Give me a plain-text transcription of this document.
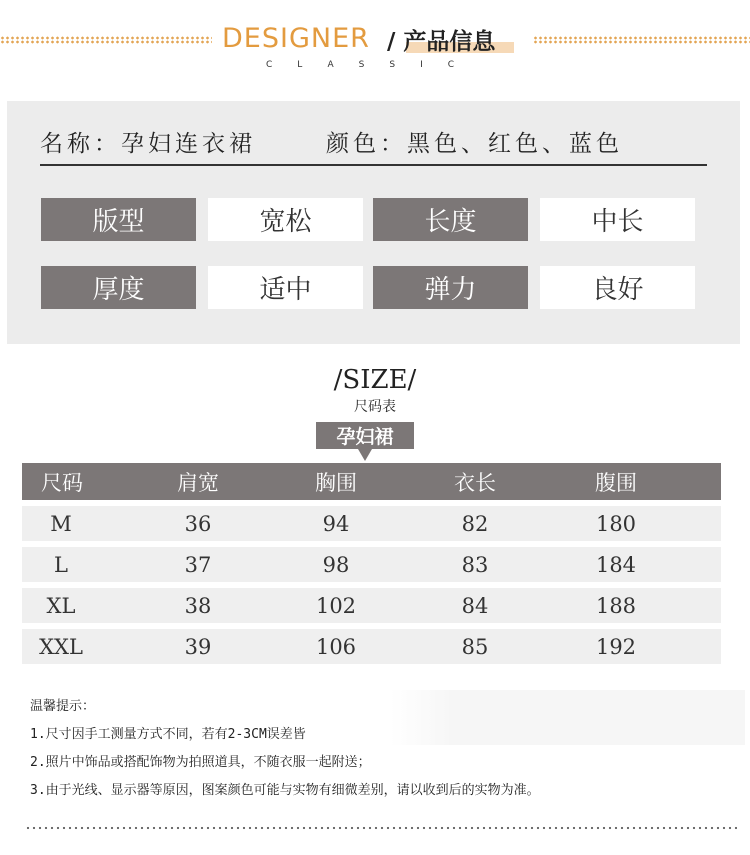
DESIGNER / 产品信息
CLASSIC
名称：孕妇连衣裙	颜色：黑色、红色、蓝色
版型	宽松	长度	中长
厚度	适中	弹力	良好
/SIZE/
尺码表
孕妇裙
尺码	肩宽	胸围	衣长	腹围
M	36	94	82	180
L	37	98	83	184
XL	38	102	84	188
XXL	39	106	85	192
温馨提示：
1.尺寸因手工测量方式不同，若有2-3CM误差皆
2.照片中饰品或搭配饰物为拍照道具，不随衣服一起附送；
3.由于光线、显示器等原因，图案颜色可能与实物有细微差别，请以收到后的实物为准。
